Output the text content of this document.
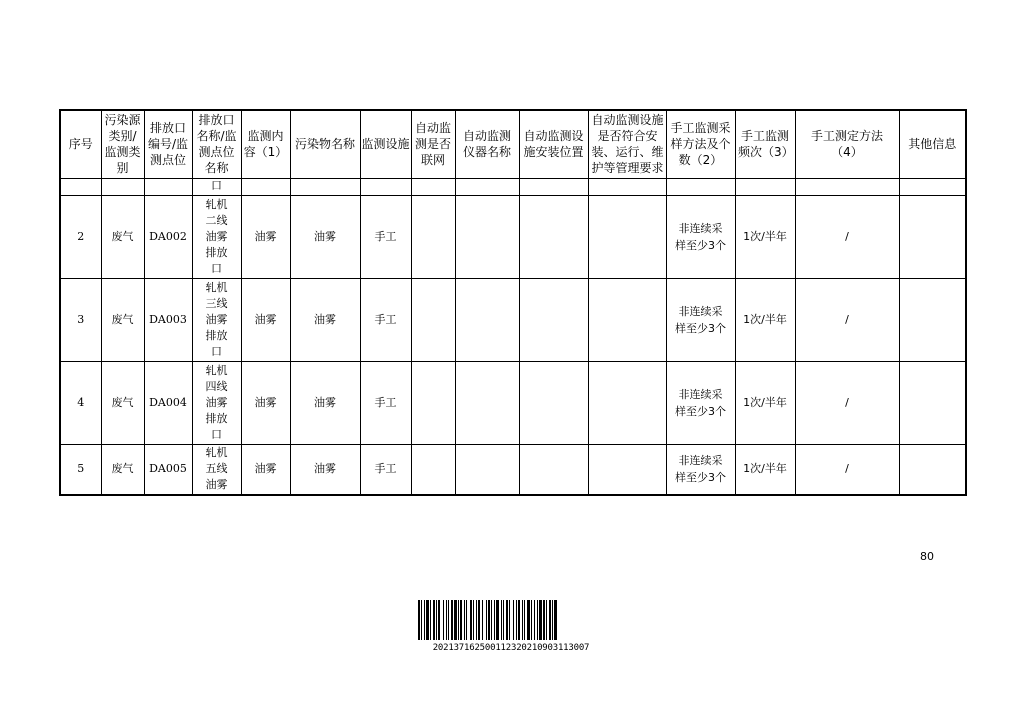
序号	污染源类别/监测类别	排放口编号/监测点位	排放口名称/监测点位名称	监测内容（1）	污染物名称	监测设施	自动监测是否联网	自动监测仪器名称	自动监测设施安装位置	自动监测设施是否符合安装、运行、维护等管理要求	手工监测采样方法及个数（2）	手工监测频次（3）	手工测定方法（4）	其他信息
			口											
2	废气	DA002	轧机二线油雾排放口	油雾	油雾	手工					非连续采样至少3个	1次/半年	/	
3	废气	DA003	轧机三线油雾排放口	油雾	油雾	手工					非连续采样至少3个	1次/半年	/	
4	废气	DA004	轧机四线油雾排放口	油雾	油雾	手工					非连续采样至少3个	1次/半年	/	
5	废气	DA005	轧机五线油雾	油雾	油雾	手工					非连续采样至少3个	1次/半年	/	
80
202137162500112320210903113007
